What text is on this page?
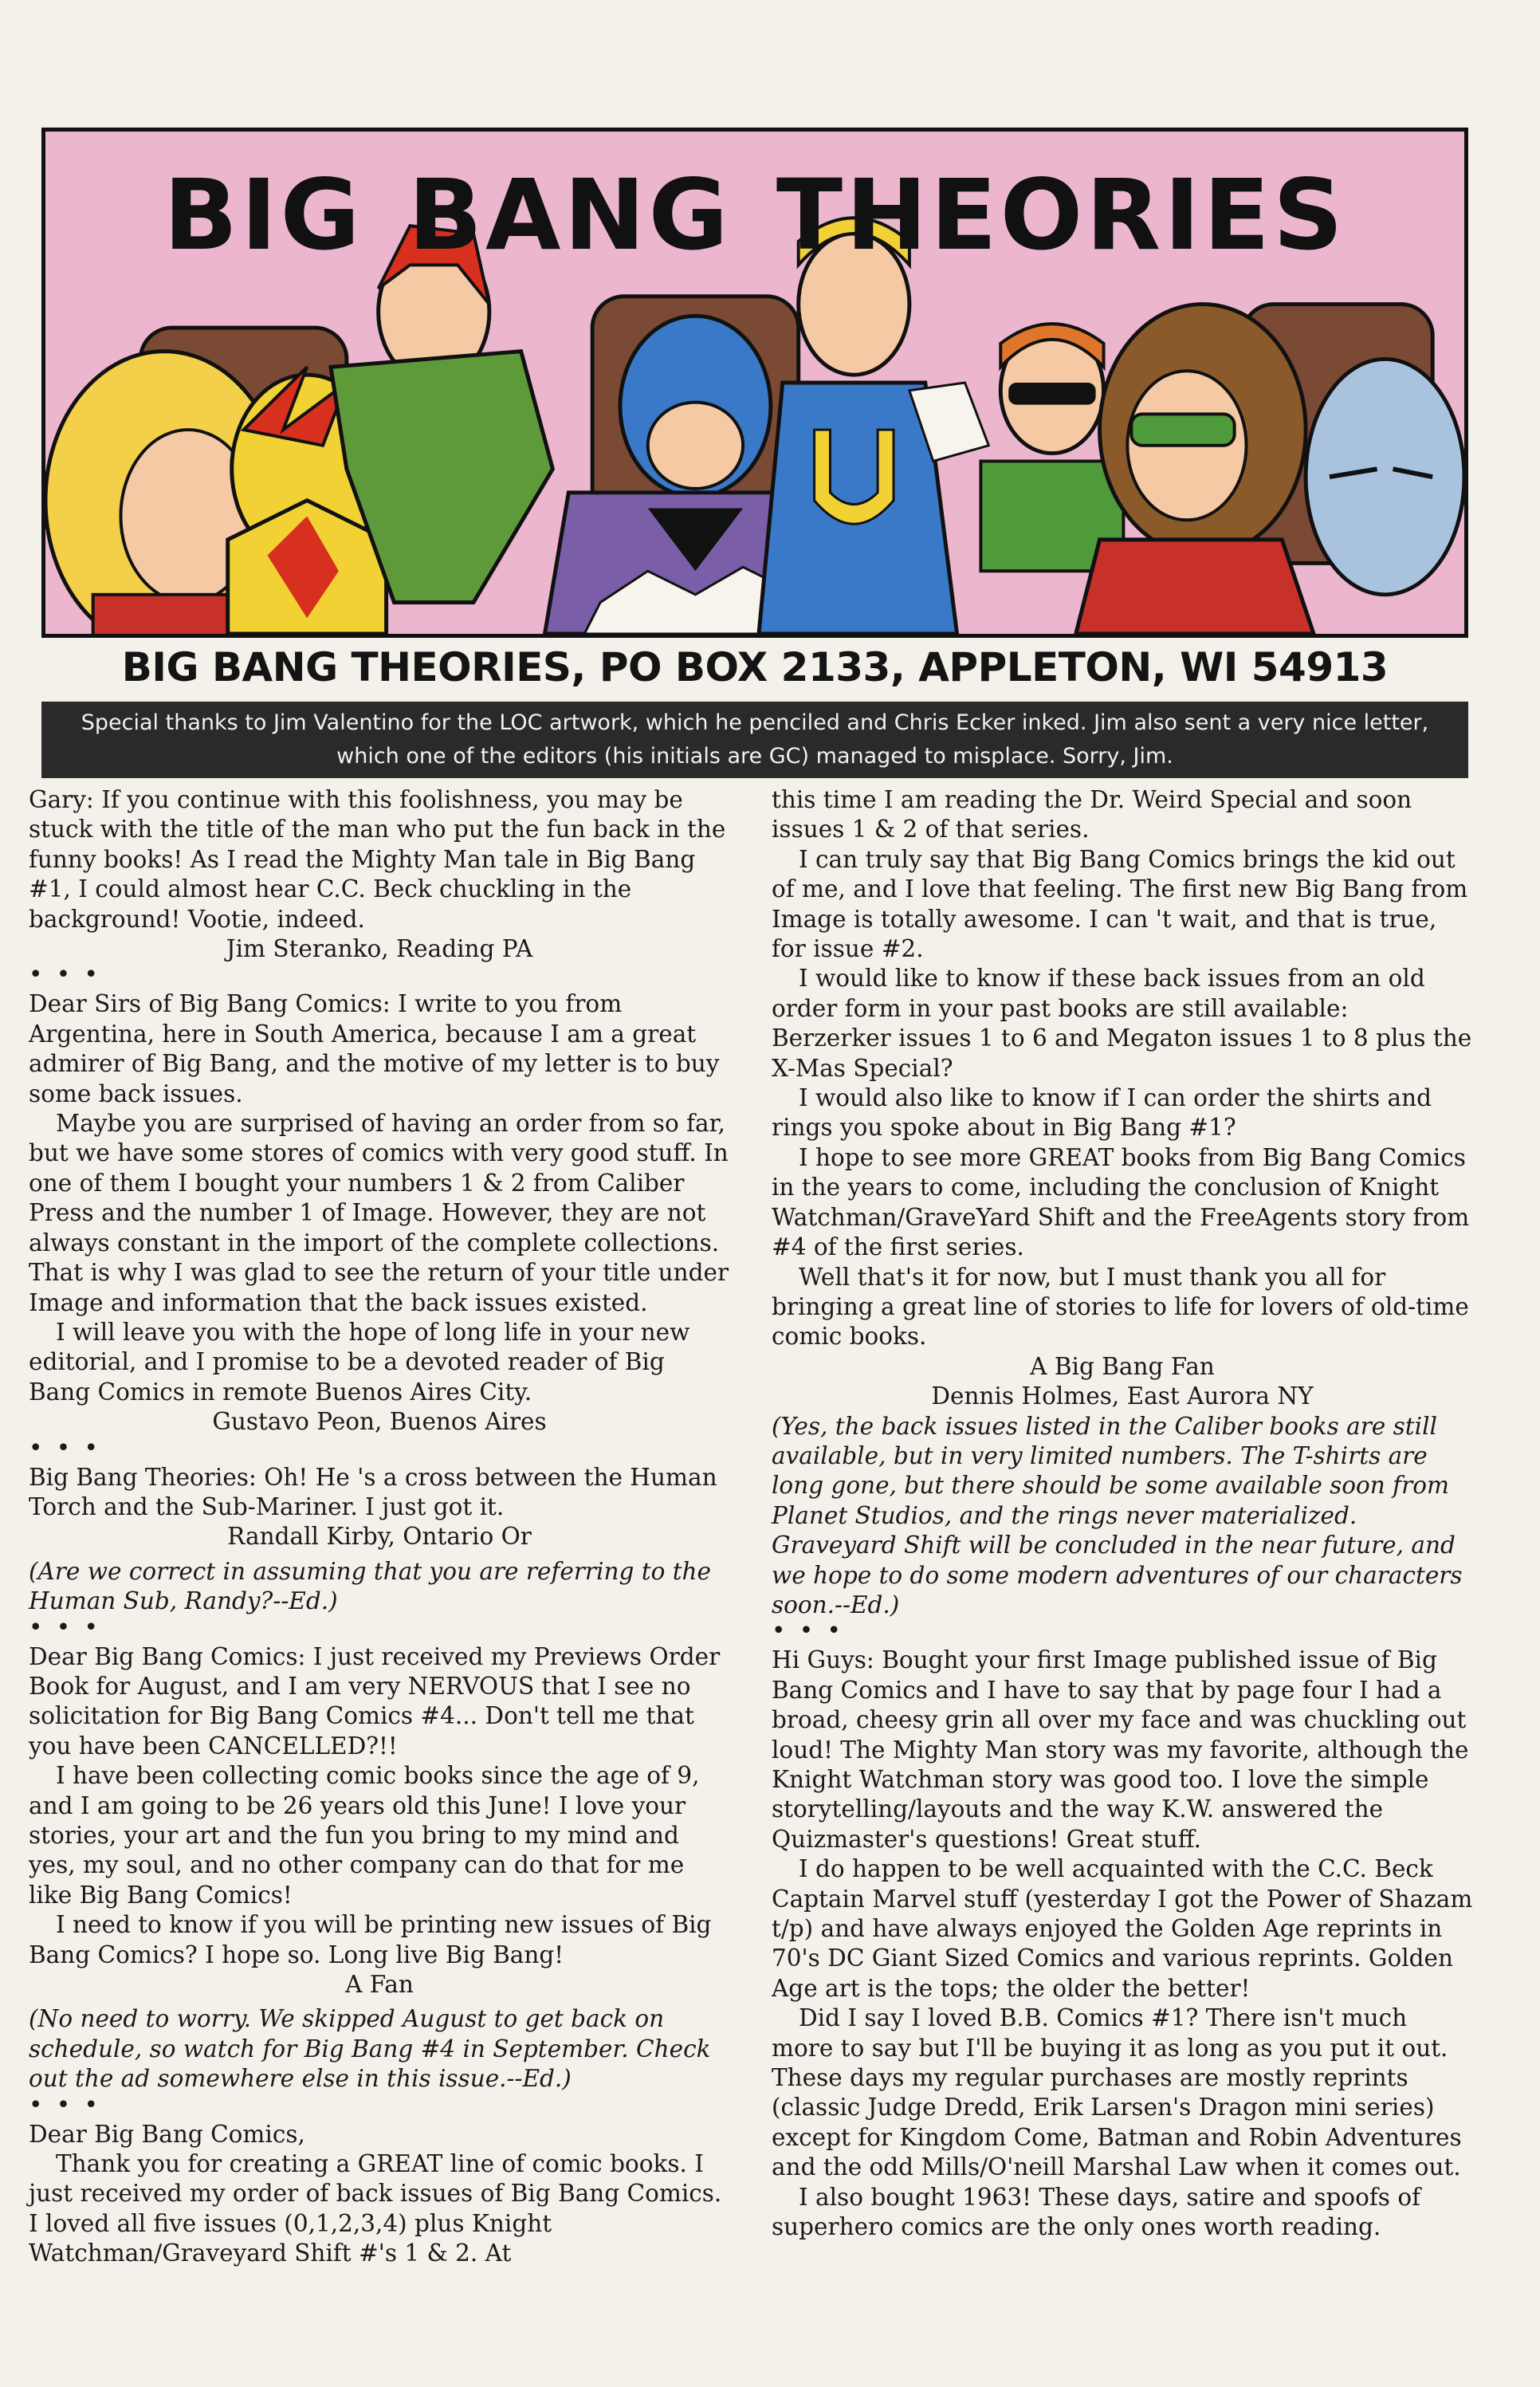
BIG BANG THEORIES
BIG BANG THEORIES, PO BOX 2133, APPLETON, WI 54913
Special thanks to Jim Valentino for the LOC artwork, which he penciled and Chris Ecker inked. Jim also sent a very nice letter, which one of the editors (his initials are GC) managed to misplace. Sorry, Jim.

Gary: If you continue with this foolishness, you may be stuck with the title of the man who put the fun back in the funny books! As I read the Mighty Man tale in Big Bang #1, I could almost hear C.C. Beck chuckling in the background! Vootie, indeed.

Jim Steranko, Reading PA

• • •

Dear Sirs of Big Bang Comics: I write to you from Argentina, here in South America, because I am a great admirer of Big Bang, and the motive of my letter is to buy some back issues.

Maybe you are surprised of having an order from so far, but we have some stores of comics with very good stuff. In one of them I bought your numbers 1 & 2 from Caliber Press and the number 1 of Image. However, they are not always constant in the import of the complete collections. That is why I was glad to see the return of your title under Image and information that the back issues existed.

I will leave you with the hope of long life in your new editorial, and I promise to be a devoted reader of Big Bang Comics in remote Buenos Aires City.

Gustavo Peon, Buenos Aires

• • •

Big Bang Theories: Oh! He 's a cross between the Human Torch and the Sub-Mariner. I just got it.

Randall Kirby, Ontario Or

(Are we correct in assuming that you are referring to the Human Sub, Randy?--Ed.)

• • •

Dear Big Bang Comics: I just received my Previews Order Book for August, and I am very NERVOUS that I see no solicitation for Big Bang Comics #4... Don't tell me that you have been CANCELLED?!!

I have been collecting comic books since the age of 9, and I am going to be 26 years old this June! I love your stories, your art and the fun you bring to my mind and yes, my soul, and no other company can do that for me like Big Bang Comics!

I need to know if you will be printing new issues of Big Bang Comics? I hope so. Long live Big Bang!

A Fan

(No need to worry. We skipped August to get back on schedule, so watch for Big Bang #4 in September. Check out the ad somewhere else in this issue.--Ed.)

• • •

Dear Big Bang Comics,

Thank you for creating a GREAT line of comic books. I just received my order of back issues of Big Bang Comics. I loved all five issues (0,1,2,3,4) plus Knight Watchman/Graveyard Shift #'s 1 & 2. At

this time I am reading the Dr. Weird Special and soon issues 1 & 2 of that series.

I can truly say that Big Bang Comics brings the kid out of me, and I love that feeling. The first new Big Bang from Image is totally awesome. I can 't wait, and that is true, for issue #2.

I would like to know if these back issues from an old order form in your past books are still available: Berzerker issues 1 to 6 and Megaton issues 1 to 8 plus the X-Mas Special?

I would also like to know if I can order the shirts and rings you spoke about in Big Bang #1?

I hope to see more GREAT books from Big Bang Comics in the years to come, including the conclusion of Knight Watchman/GraveYard Shift and the FreeAgents story from #4 of the first series.

Well that's it for now, but I must thank you all for bringing a great line of stories to life for lovers of old-time comic books.

A Big Bang Fan

Dennis Holmes, East Aurora NY

(Yes, the back issues listed in the Caliber books are still available, but in very limited numbers. The T-shirts are long gone, but there should be some available soon from Planet Studios, and the rings never materialized. Graveyard Shift will be concluded in the near future, and we hope to do some modern adventures of our characters soon.--Ed.)

• • •

Hi Guys: Bought your first Image published issue of Big Bang Comics and I have to say that by page four I had a broad, cheesy grin all over my face and was chuckling out loud! The Mighty Man story was my favorite, although the Knight Watchman story was good too. I love the simple storytelling/layouts and the way K.W. answered the Quizmaster's questions! Great stuff.

I do happen to be well acquainted with the C.C. Beck Captain Marvel stuff (yesterday I got the Power of Shazam t/p) and have always enjoyed the Golden Age reprints in 70's DC Giant Sized Comics and various reprints. Golden Age art is the tops; the older the better!

Did I say I loved B.B. Comics #1? There isn't much more to say but I'll be buying it as long as you put it out. These days my regular purchases are mostly reprints (classic Judge Dredd, Erik Larsen's Dragon mini series) except for Kingdom Come, Batman and Robin Adventures and the odd Mills/O'neill Marshal Law when it comes out.

I also bought 1963! These days, satire and spoofs of superhero comics are the only ones worth reading.
